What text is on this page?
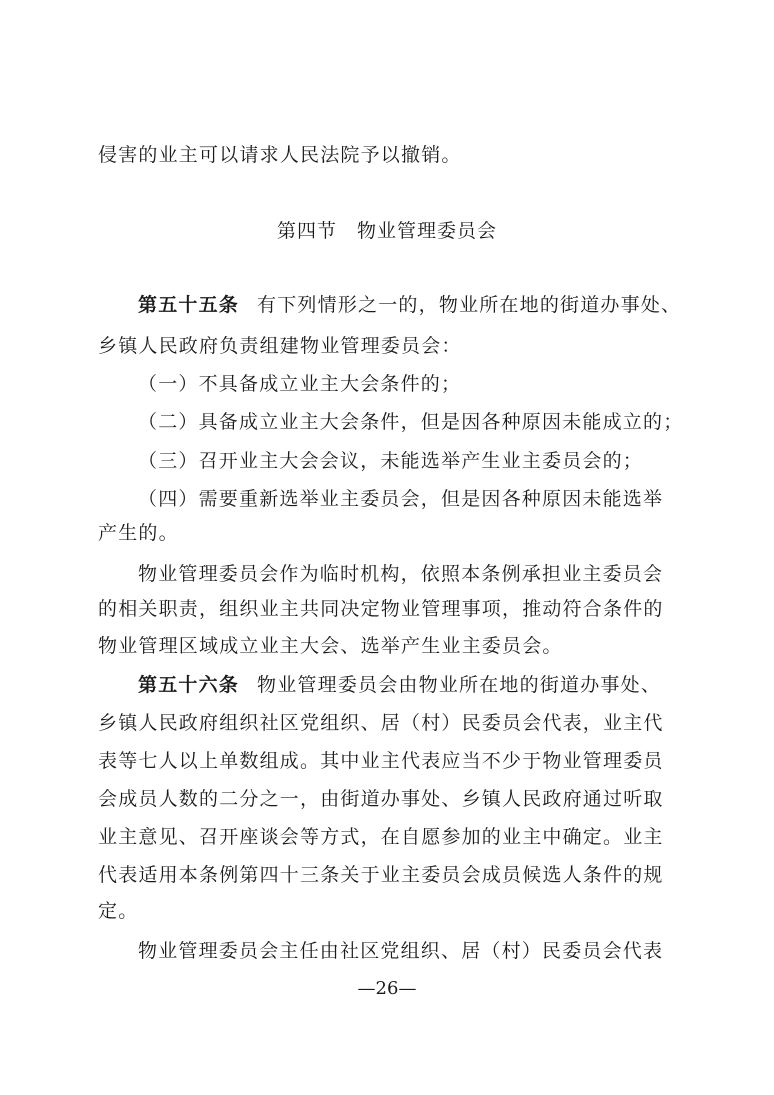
侵害的业主可以请求人民法院予以撤销。
第四节　物业管理委员会
第五十五条 有下列情形之一的，物业所在地的街道办事处、
乡镇人民政府负责组建物业管理委员会：
（一）不具备成立业主大会条件的；
（二）具备成立业主大会条件，但是因各种原因未能成立的；
（三）召开业主大会会议，未能选举产生业主委员会的；
（四）需要重新选举业主委员会，但是因各种原因未能选举
产生的。
物业管理委员会作为临时机构，依照本条例承担业主委员会
的相关职责，组织业主共同决定物业管理事项，推动符合条件的
物业管理区域成立业主大会、选举产生业主委员会。
第五十六条 物业管理委员会由物业所在地的街道办事处、
乡镇人民政府组织社区党组织、居（村）民委员会代表，业主代
表等七人以上单数组成。其中业主代表应当不少于物业管理委员
会成员人数的二分之一，由街道办事处、乡镇人民政府通过听取
业主意见、召开座谈会等方式，在自愿参加的业主中确定。业主
代表适用本条例第四十三条关于业主委员会成员候选人条件的规
定。
物业管理委员会主任由社区党组织、居（村）民委员会代表
—26—
